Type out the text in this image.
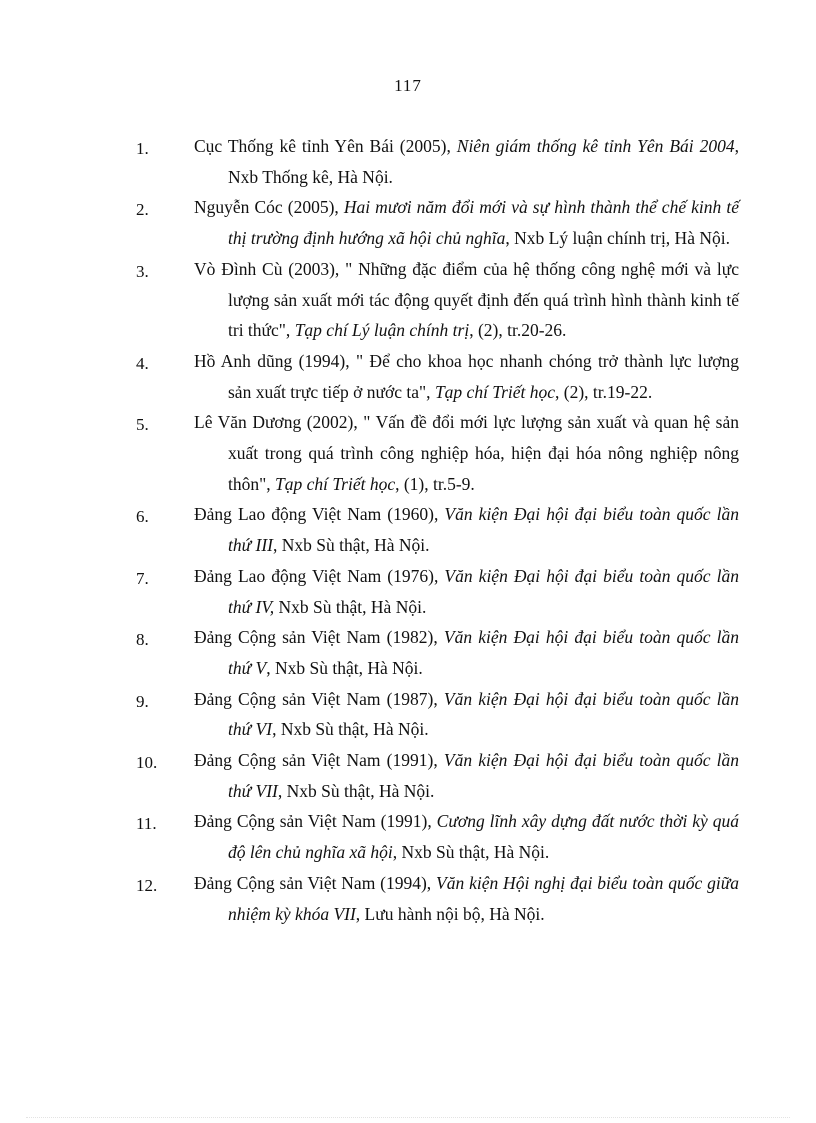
117
1.	Cục Thống kê tỉnh Yên Bái (2005), Niên giám thống kê tỉnh Yên Bái 2004, Nxb Thống kê, Hà Nội.
2.	Nguyễn Cóc (2005), Hai mươi năm đổi mới và sự hình thành thể chế kinh tế thị trường định hướng xã hội chủ nghĩa, Nxb Lý luận chính trị, Hà Nội.
3.	Vò Đình Cù (2003), " Những đặc điểm của hệ thống công nghệ mới và lực lượng sản xuất mới tác động quyết định đến quá trình hình thành kinh tế tri thức", Tạp chí Lý luận chính trị, (2), tr.20-26.
4.	Hồ Anh dũng (1994), " Để cho khoa học nhanh chóng trở thành lực lượng sản xuất trực tiếp ở nước ta", Tạp chí Triết học, (2), tr.19-22.
5.	Lê Văn Dương (2002), " Vấn đề đổi mới lực lượng sản xuất và quan hệ sản xuất trong quá trình công nghiệp hóa, hiện đại hóa nông nghiệp nông thôn", Tạp chí Triết học, (1), tr.5-9.
6.	Đảng Lao động Việt Nam (1960), Văn kiện Đại hội đại biểu toàn quốc lần thứ III, Nxb Sù thật, Hà Nội.
7.	Đảng Lao động Việt Nam (1976), Văn kiện Đại hội đại biểu toàn quốc lần thứ IV, Nxb Sù thật, Hà Nội.
8.	Đảng Cộng sản Việt Nam (1982), Văn kiện Đại hội đại biểu toàn quốc lần thứ V, Nxb Sù thật, Hà Nội.
9.	Đảng Cộng sản Việt Nam (1987), Văn kiện Đại hội đại biểu toàn quốc lần thứ VI, Nxb Sù thật, Hà Nội.
10. Đảng Cộng sản Việt Nam (1991), Văn kiện Đại hội đại biểu toàn quốc lần thứ VII, Nxb Sù thật, Hà Nội.
11. Đảng Cộng sản Việt Nam (1991), Cương lĩnh xây dựng đất nước thời kỳ quá độ lên chủ nghĩa xã hội, Nxb Sù thật, Hà Nội.
12. Đảng Cộng sản Việt Nam (1994), Văn kiện Hội nghị đại biểu toàn quốc giữa nhiệm kỳ khóa VII, Lưu hành nội bộ, Hà Nội.
